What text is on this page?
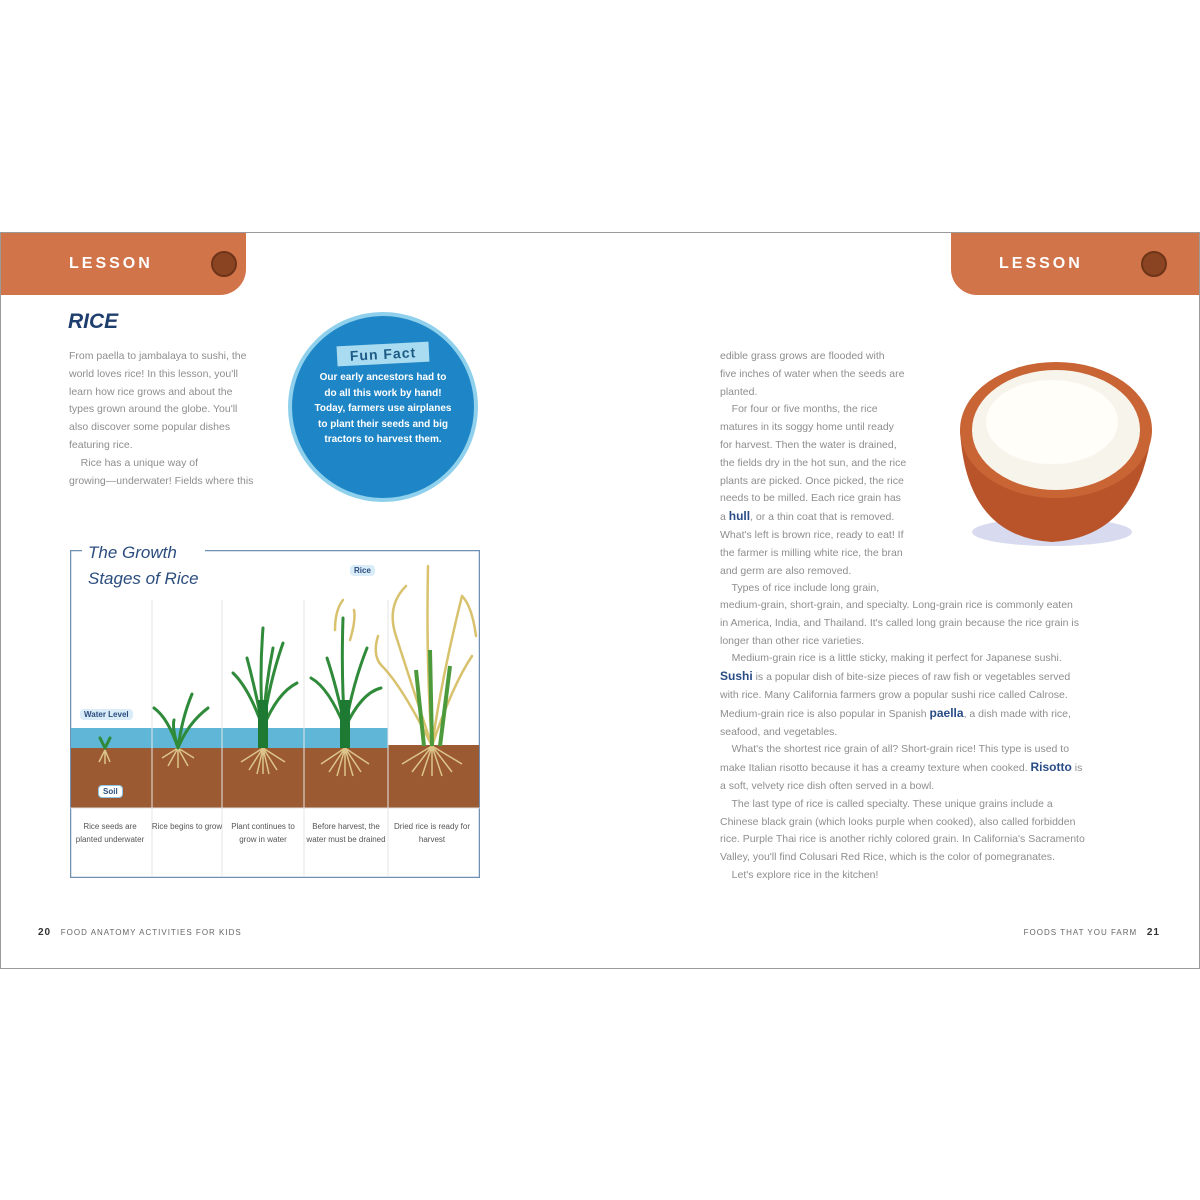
LESSON	LESSON
RICE
From paella to jambalaya to sushi, the
world loves rice! In this lesson, you'll
learn how rice grows and about the
types grown around the globe. You'll
also discover some popular dishes
featuring rice.
Rice has a unique way of
growing—underwater! Fields where this
Fun Fact
Our early ancestors had to do all this work by hand! Today, farmers use airplanes to plant their seeds and big tractors to harvest them.
The Growth
Stages of Rice
Water Level
Soil
Rice
Rice seeds are planted underwater
Rice begins to grow	Plant continues to grow in water
Before harvest, the water must be drained
Dried rice is ready for harvest
edible grass grows are flooded with
five inches of water when the seeds are
planted.
For four or five months, the rice
matures in its soggy home until ready
for harvest. Then the water is drained,
the fields dry in the hot sun, and the rice
plants are picked. Once picked, the rice
needs to be milled. Each rice grain has
a hull, or a thin coat that is removed.
What's left is brown rice, ready to eat! If
the farmer is milling white rice, the bran
and germ are also removed.
Types of rice include long grain,
medium-grain, short-grain, and specialty. Long-grain rice is commonly eaten
in America, India, and Thailand. It's called long grain because the rice grain is
longer than other rice varieties.
Medium-grain rice is a little sticky, making it perfect for Japanese sushi.
Sushi is a popular dish of bite-size pieces of raw fish or vegetables served
with rice. Many California farmers grow a popular sushi rice called Calrose.
Medium-grain rice is also popular in Spanish paella, a dish made with rice,
seafood, and vegetables.
What's the shortest rice grain of all? Short-grain rice! This type is used to
make Italian risotto because it has a creamy texture when cooked. Risotto is
a soft, velvety rice dish often served in a bowl.
The last type of rice is called specialty. These unique grains include a
Chinese black grain (which looks purple when cooked), also called forbidden
rice. Purple Thai rice is another richly colored grain. In California's Sacramento
Valley, you'll find Colusari Red Rice, which is the color of pomegranates.
Let's explore rice in the kitchen!
20 FOOD ANATOMY ACTIVITIES FOR KIDS	FOODS THAT YOU FARM 21
